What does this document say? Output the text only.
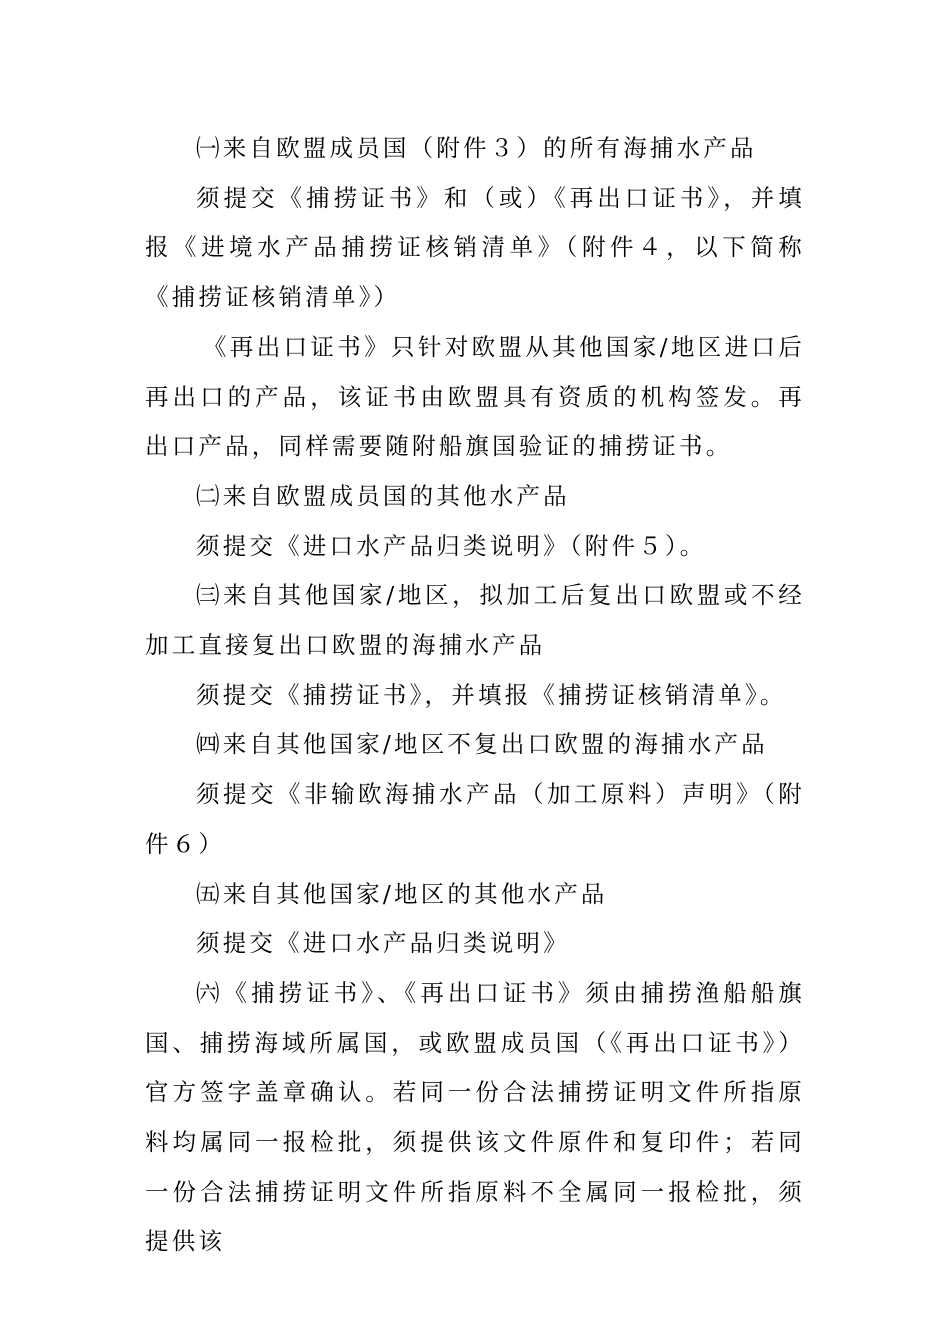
㈠来自欧盟成员国（附件３）的所有海捕水产品

须提交《捕捞证书》和（或）《再出口证书》，并填报《进境水产品捕捞证核销清单》（附件４，以下简称《捕捞证核销清单》）

《再出口证书》只针对欧盟从其他国家/地区进口后再出口的产品，该证书由欧盟具有资质的机构签发。再出口产品，同样需要随附船旗国验证的捕捞证书。

㈡来自欧盟成员国的其他水产品

须提交《进口水产品归类说明》（附件５）。

㈢来自其他国家/地区，拟加工后复出口欧盟或不经加工直接复出口欧盟的海捕水产品

须提交《捕捞证书》，并填报《捕捞证核销清单》。

㈣来自其他国家/地区不复出口欧盟的海捕水产品

须提交《非输欧海捕水产品（加工原料）声明》（附件６）

㈤来自其他国家/地区的其他水产品

须提交《进口水产品归类说明》

㈥《捕捞证书》、《再出口证书》须由捕捞渔船船旗国、捕捞海域所属国，或欧盟成员国（《再出口证书》）官方签字盖章确认。若同一份合法捕捞证明文件所指原料均属同一报检批，须提供该文件原件和复印件；若同一份合法捕捞证明文件所指原料不全属同一报检批，须提供该
